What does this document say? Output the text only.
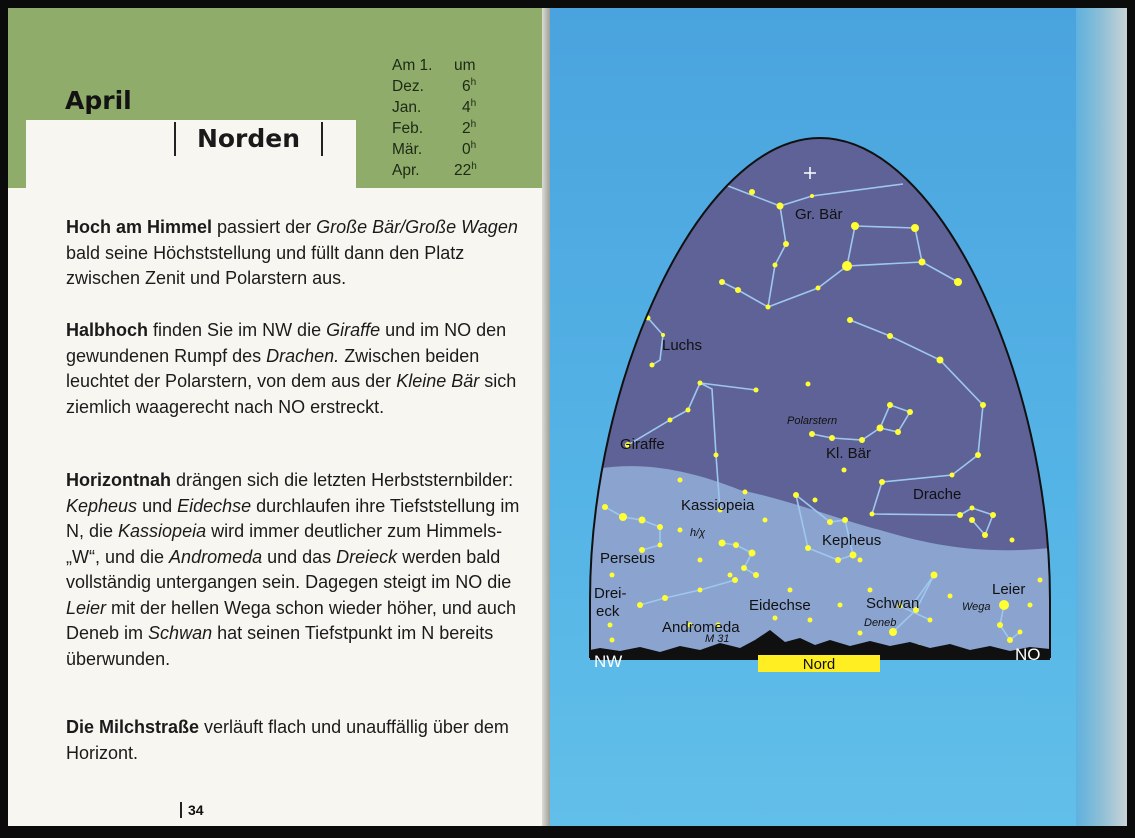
April
Norden
Am 1.	um
Dez.	6$^h$
Jan.	4$^h$
Feb.	2$^h$
Mär.	0$^h$
Apr.	22$^h$
Hoch am Himmel passiert der Große Bär/Große Wagen bald seine Höchststellung und füllt dann den Platz zwischen Zenit und Polarstern aus.
Halbhoch finden Sie im NW die Giraffe und im NO den gewundenen Rumpf des Drachen. Zwischen beiden leuchtet der Polarstern, von dem aus der Kleine Bär sich ziemlich waagerecht nach NO erstreckt.
Horizontnah drängen sich die letzten Herbststernbilder: Kepheus und Eidechse durchlaufen ihre Tiefststellung im N, die Kassiopeia wird immer deutlicher zum Himmels-„W“, und die Andromeda und das Dreieck werden bald vollständig untergangen sein. Dagegen steigt im NO die Leier mit der hellen Wega schon wieder höher, und auch Deneb im Schwan hat seinen Tiefstpunkt im N bereits überwunden.
Die Milchstraße verläuft flach und unauffällig über dem Horizont.
34
Gr. Bär
Luchs
Giraffe
Polarstern
Kl. Bär
Drache
Kassiopeia
h/χ	Kepheus
Perseus
Drei-
eck	Eidechse	Schwan
Deneb
Leier
Wega
Andromeda
M 31
NW	NO
Nord
